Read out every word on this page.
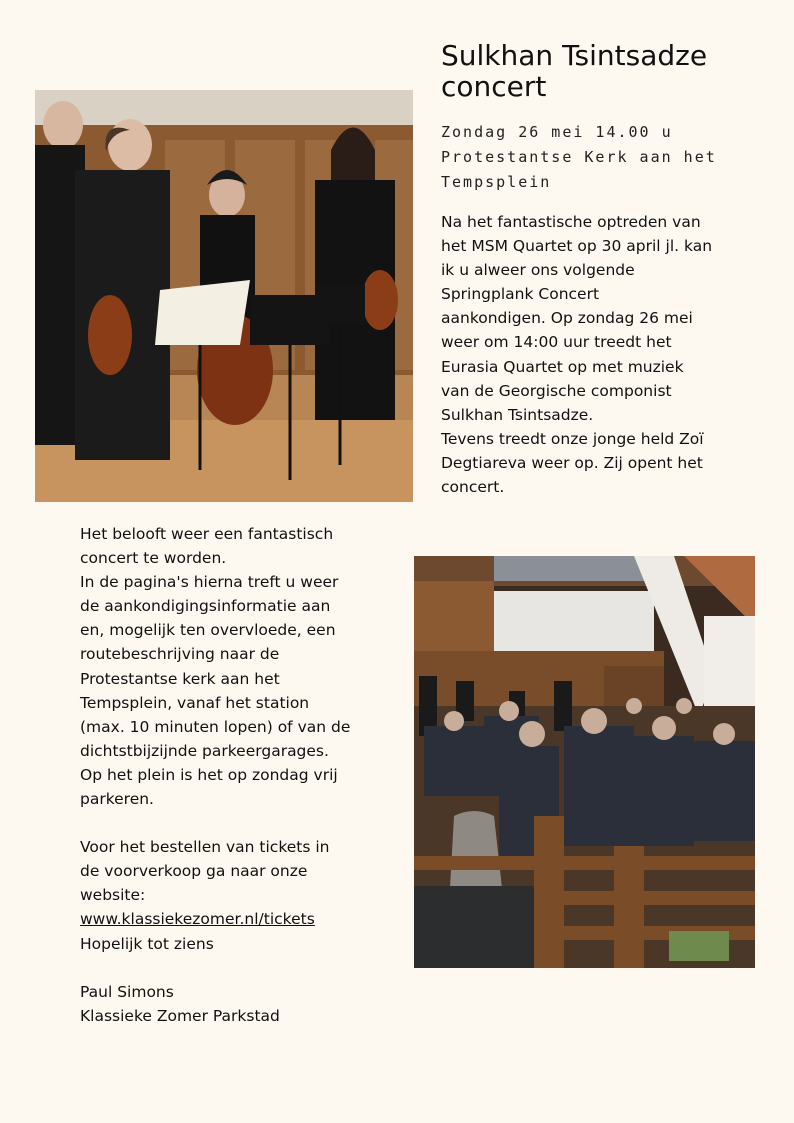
Sulkhan Tsintsadze
concert
Zondag 26 mei 14.00 u
Protestantse Kerk aan het
Tempsplein

Na het fantastische optreden van

het MSM Quartet op 30 april jl. kan

ik u alweer ons volgende

Springplank Concert

aankondigen. Op zondag 26 mei

weer om 14:00 uur treedt het

Eurasia Quartet op met muziek

van de Georgische componist

Sulkhan Tsintsadze.

Tevens treedt onze jonge held Zoï

Degtiareva weer op. Zij opent het

concert.

Het belooft weer een fantastisch

concert te worden.

In de pagina's hierna treft u weer

de aankondigingsinformatie aan

en, mogelijk ten overvloede, een

routebeschrijving naar de

Protestantse kerk aan het

Tempsplein, vanaf het station

(max. 10 minuten lopen) of van de

dichtstbijzijnde parkeergarages.

Op het plein is het op zondag vrij

parkeren.

Voor het bestellen van tickets in

de voorverkoop ga naar onze

website:

www.klassiekezomer.nl/tickets

Hopelijk tot ziens

Paul Simons

Klassieke Zomer Parkstad
